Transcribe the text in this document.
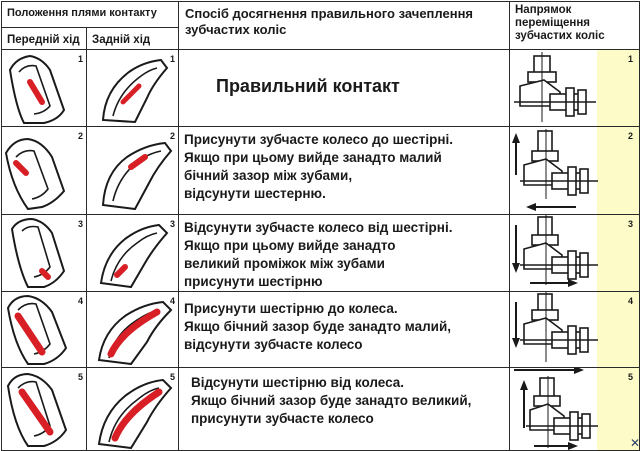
Положення плями контакту		Спосіб досягнення правильного зачеплення зубчастих коліс	Напрямок
переміщення
зубчастих коліс

Передній хід	Задній хід		

1	1	Правильний контакт	1

2	2	Присунути зубчасте колесо до шестірні.
Якщо при цьому вийде занадто малий
бічний зазор між зубами,
відсунути шестерню.	2

3	3	Відсунути зубчасте колесо від шестірні.
Якщо при цьому вийде занадто
великий проміжок між зубами
присунути шестірню	3

4	4	Присунути шестірню до колеса.
Якщо бічний зазор буде занадто малий,
відсунути зубчасте колесо	4

5	5	Відсунути шестірню від колеса.
Якщо бічний зазор буде занадто великий,
присунути зубчасте колесо	5
✕
